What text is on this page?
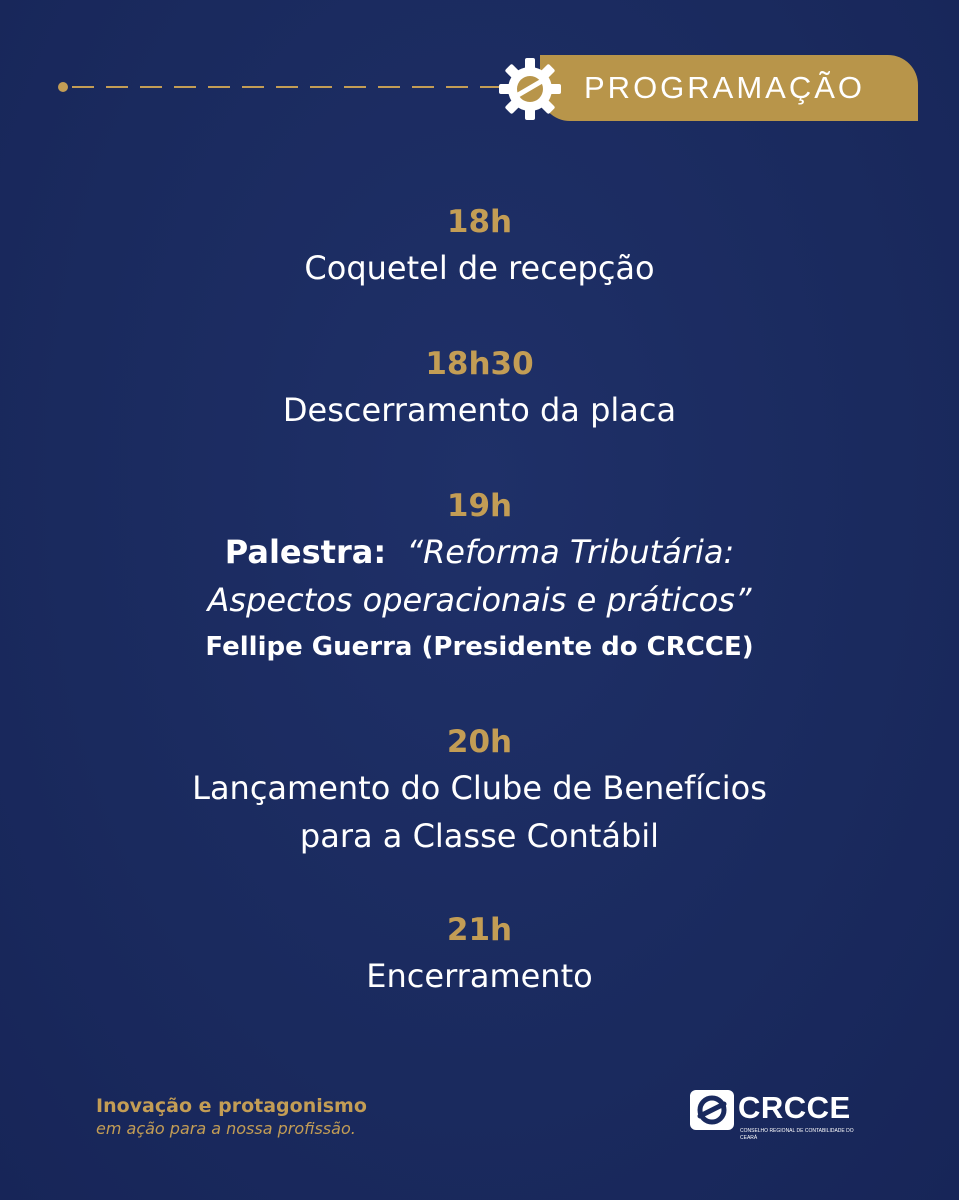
PROGRAMAÇÃO
18h
Coquetel de recepção
18h30
Descerramento da placa
19h
Palestra: “Reforma Tributária:
Aspectos operacionais e práticos”
Fellipe Guerra (Presidente do CRCCE)
20h
Lançamento do Clube de Benefícios
para a Classe Contábil
21h
Encerramento
Inovação e protagonismo
em ação para a nossa profissão.
CRCCE
CONSELHO REGIONAL DE CONTABILIDADE DO CEARÁ
